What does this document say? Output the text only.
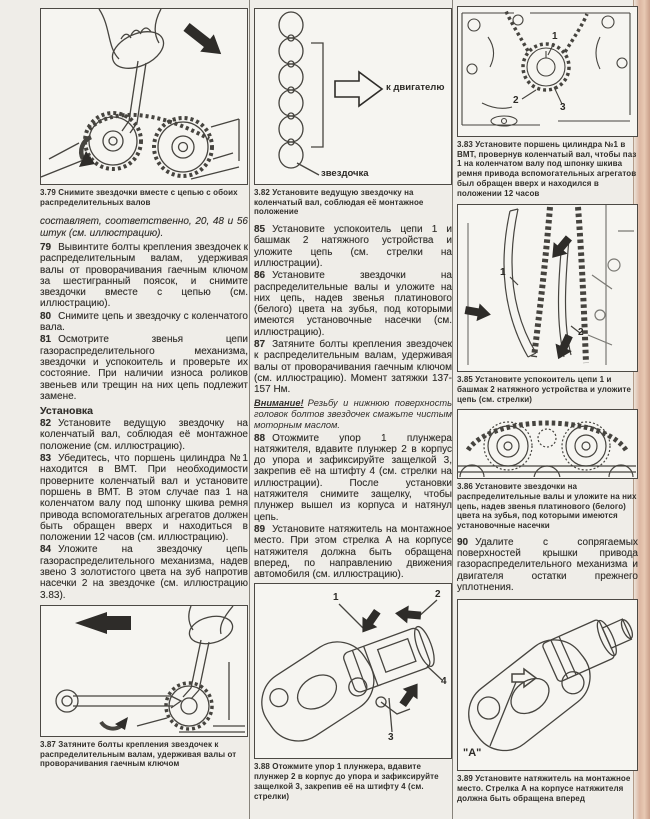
3.79 Снимите звездочки вместе с цепью с обоих распределительных валов

составляет, соответственно, 20, 48 и 56 штук (см. иллюстрацию).

79 Вывинтите болты крепления звездочек к распределительным валам, удерживая валы от проворачивания гаечным ключом за шестигранный поясок, и снимите звездочки вместе с цепью (см. иллюстрацию).

80 Снимите цепь и звездочку с коленчатого вала.

81 Осмотрите звенья цепи газораспределительного механизма, звездочки и успокоитель и проверьте их состояние. При наличии износа роликов звеньев или трещин на них цепь подлежит замене.

Установка

82 Установите ведущую звездочку на коленчатый вал, соблюдая её монтажное положение (см. иллюстрацию).

83 Убедитесь, что поршень цилиндра №1 находится в ВМТ. При необходимости проверните коленчатый вал и установите поршень в ВМТ. В этом случае паз 1 на коленчатом валу под шпонку шкива ремня привода вспомогательных агрегатов должен быть обращен вверх и находиться в положении 12 часов (см. иллюстрацию).

84 Уложите на звездочку цепь газораспределительного механизма, надев звено 3 золотистого цвета на зуб напротив насечки 2 на звездочке (см. иллюстрацию 3.83).

3.87 Затяните болты крепления звездочек к распределительным валам, удерживая валы от проворачивания гаечным ключом

к двигателю
звездочка

3.82 Установите ведущую звездочку на коленчатый вал, соблюдая её монтажное положение

85 Установите успокоитель цепи 1 и башмак 2 натяжного устройства и уложите цепь (см. стрелки на иллюстрации).

86 Установите звездочки на распределительные валы и уложите на них цепь, надев звенья платинового (белого) цвета на зубья, под которыми имеются установочные насечки (см. иллюстрацию).

87 Затяните болты крепления звездочек к распределительным валам, удерживая валы от проворачивания гаечным ключом (см. иллюстрацию). Момент затяжки 137-157 Нм.

Внимание! Резьбу и нижнюю поверхность головок болтов звездочек смажьте чистым моторным маслом.

88 Отожмите упор 1 плунжера натяжителя, вдавите плунжер 2 в корпус до упора и зафиксируйте защелкой 3, закрепив её на штифту 4 (см. стрелки на иллюстрации). После установки натяжителя снимите защелку, чтобы плунжер вышел из корпуса и натянул цепь.

89 Установите натяжитель на монтажное место. При этом стрелка А на корпусе натяжителя должна быть обращена вперед, по направлению движения автомобиля (см. иллюстрацию).

1	2
3
4

3.88 Отожмите упор 1 плунжера, вдавите плунжер 2 в корпус до упора и зафиксируйте защелкой 3, закрепив её на штифту 4 (см. стрелки)

1
2
3

3.83 Установите поршень цилиндра №1 в ВМТ, провернув коленчатый вал, чтобы паз 1 на коленчатом валу под шпонку шкива ремня привода вспомогательных агрегатов был обращен вверх и находился в положении 12 часов

1
2

3.85 Установите успокоитель цепи 1 и башмак 2 натяжного устройства и уложите цепь (см. стрелки)

3.86 Установите звездочки на распределительные валы и уложите на них цепь, надев звенья платинового (белого) цвета на зубья, под которыми имеются установочные насечки

90 Удалите с сопрягаемых поверхностей крышки привода газораспределительного механизма и двигателя остатки прежнего уплотнения.

"А"

3.89 Установите натяжитель на монтажное место. Стрелка А на корпусе натяжителя должна быть обращена вперед
